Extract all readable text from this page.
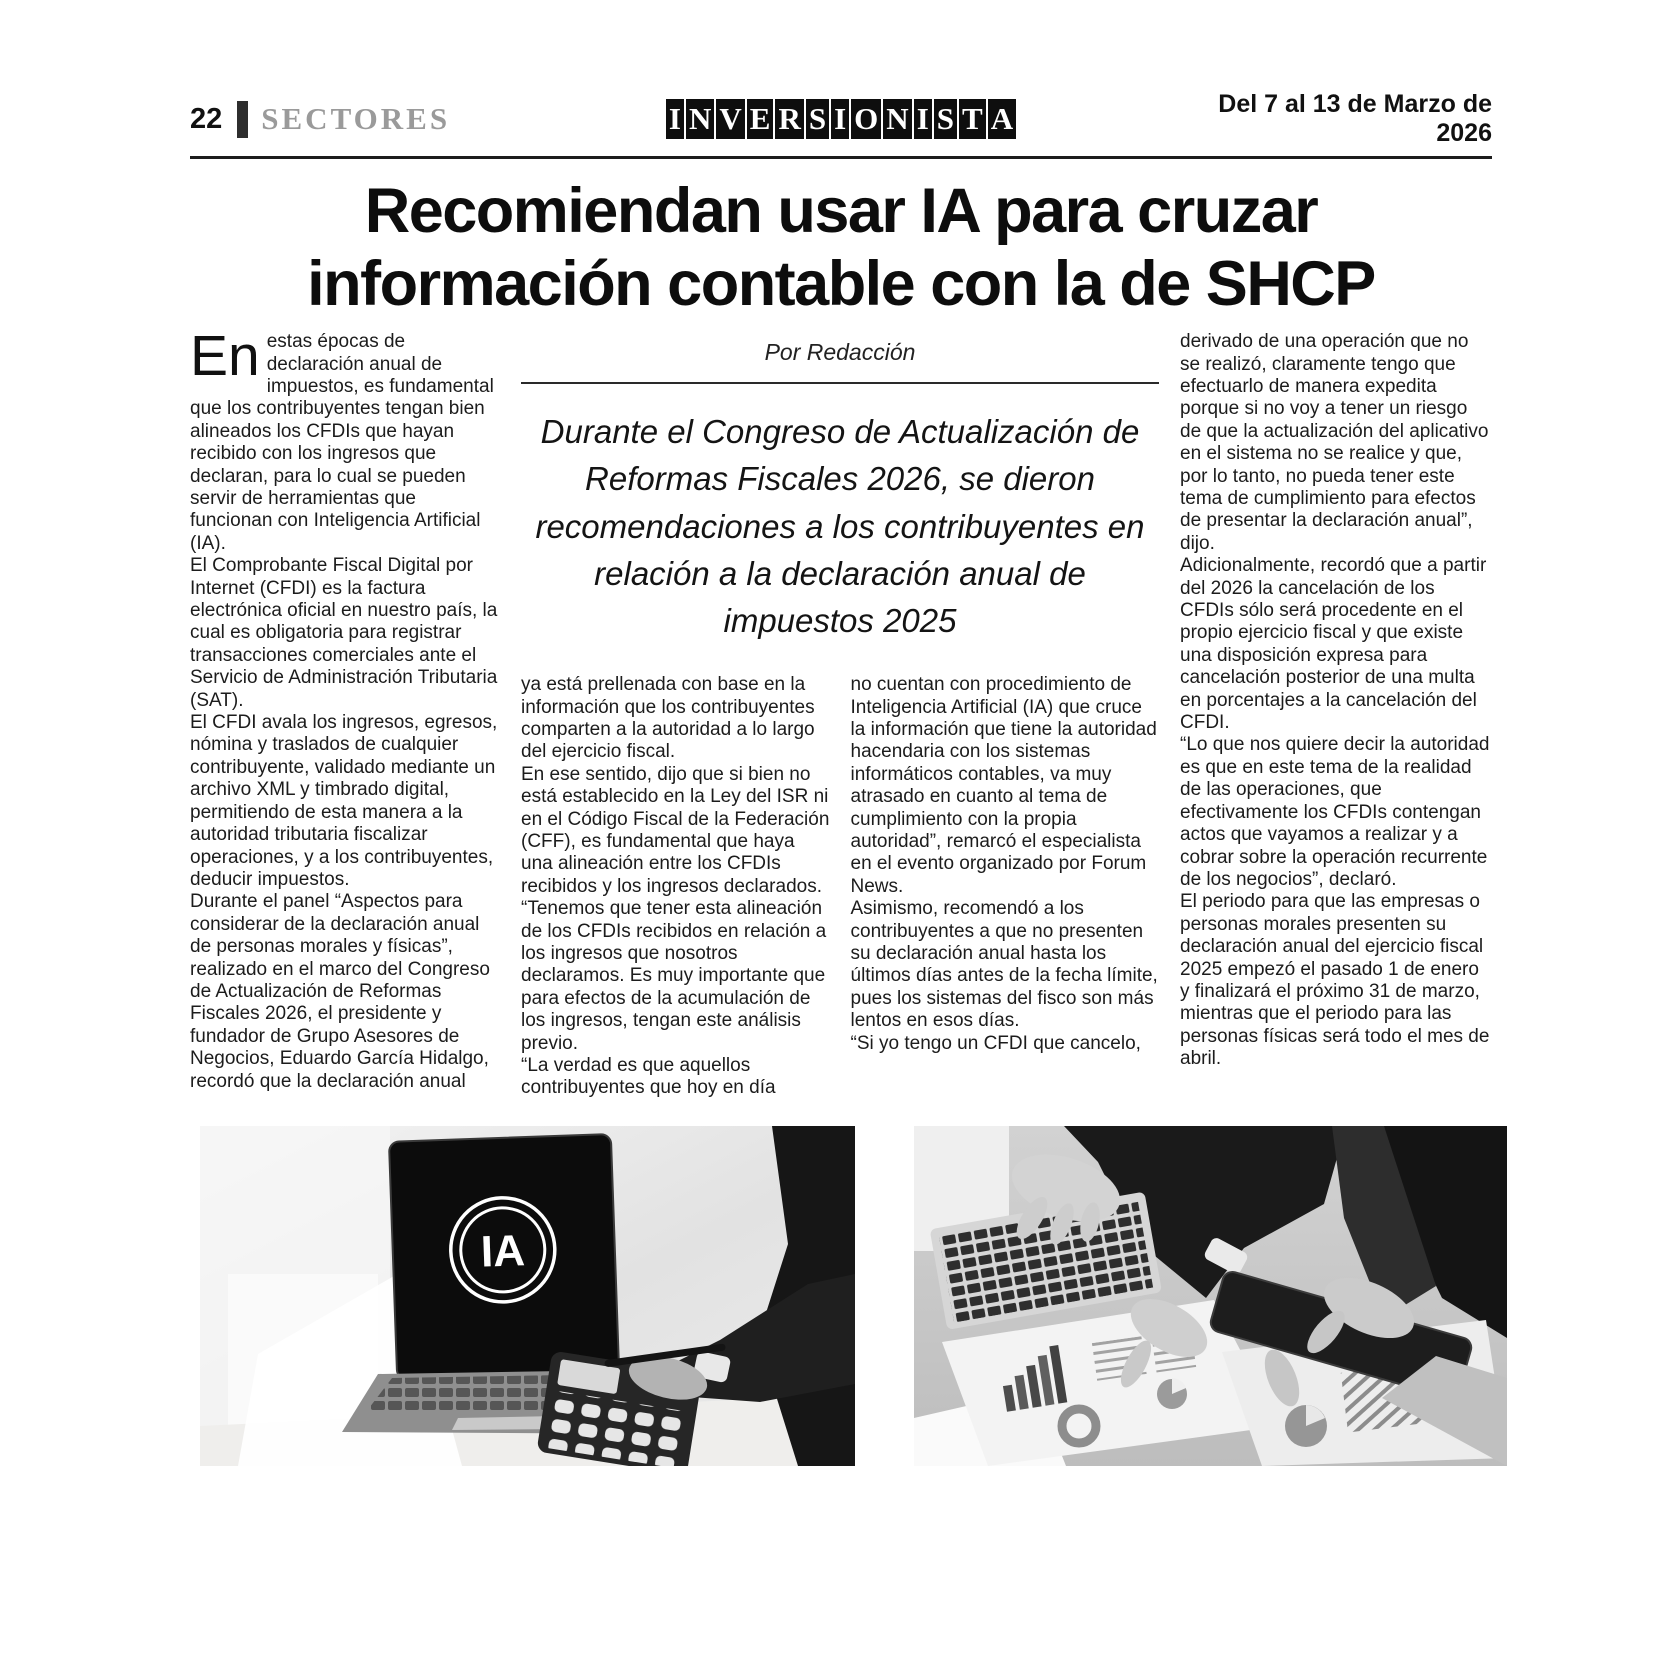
22 SECTORES	I N V E R S I O N I S T A	Del 7 al 13 de Marzo de 2026
Recomiendan usar IA para cruzar
información contable con la de SHCP

En estas épocas de declaración anual de impuestos, es fundamental que los contribuyentes tengan bien alineados los CFDIs que hayan recibido con los ingresos que declaran, para lo cual se pueden servir de herramientas que funcionan con Inteligencia Artificial (IA).

El Comprobante Fiscal Digital por Internet (CFDI) es la factura electrónica oficial en nuestro país, la cual es obligatoria para registrar transacciones comerciales ante el Servicio de Administración Tributaria (SAT).

El CFDI avala los ingresos, egresos, nómina y traslados de cualquier contribuyente, validado mediante un archivo XML y timbrado digital, permitiendo de esta manera a la autoridad tributaria fiscalizar operaciones, y a los contribuyentes, deducir impuestos.

Durante el panel “Aspectos para considerar de la declaración anual de personas morales y físicas”, realizado en el marco del Congreso de Actualización de Reformas Fiscales 2026, el presidente y fundador de Grupo Asesores de Negocios, Eduardo García Hidalgo, recordó que la declaración anual

Por Redacción
Durante el Congreso de Actualización de Reformas Fiscales 2026, se dieron recomendaciones a los contribuyentes en relación a la declaración anual de impuestos 2025

ya está prellenada con base en la información que los contribuyentes comparten a la autoridad a lo largo del ejercicio fiscal.

En ese sentido, dijo que si bien no está establecido en la Ley del ISR ni en el Código Fiscal de la Federación (CFF), es fundamental que haya una alineación entre los CFDIs recibidos y los ingresos declarados.

“Tenemos que tener esta alineación de los CFDIs recibidos en relación a los ingresos que nosotros declaramos. Es muy importante que para efectos de la acumulación de los ingresos, tengan este análisis previo.

“La verdad es que aquellos contribuyentes que hoy en día

no cuentan con procedimiento de Inteligencia Artificial (IA) que cruce la información que tiene la autoridad hacendaria con los sistemas informáticos contables, va muy atrasado en cuanto al tema de cumplimiento con la propia autoridad”, remarcó el especialista en el evento organizado por Forum News.

Asimismo, recomendó a los contribuyentes a que no presenten su declaración anual hasta los últimos días antes de la fecha límite, pues los sistemas del fisco son más lentos en esos días.

“Si yo tengo un CFDI que cancelo,

derivado de una operación que no se realizó, claramente tengo que efectuarlo de manera expedita porque si no voy a tener un riesgo de que la actualización del aplicativo en el sistema no se realice y que, por lo tanto, no pueda tener este tema de cumplimiento para efectos de presentar la declaración anual”, dijo.

Adicionalmente, recordó que a partir del 2026 la cancelación de los CFDIs sólo será procedente en el propio ejercicio fiscal y que existe una disposición expresa para cancelación posterior de una multa en porcentajes a la cancelación del CFDI.

“Lo que nos quiere decir la autoridad es que en este tema de la realidad de las operaciones, que efectivamente los CFDIs contengan actos que vayamos a realizar y a cobrar sobre la operación recurrente de los negocios”, declaró.

El periodo para que las empresas o personas morales presenten su declaración anual del ejercicio fiscal 2025 empezó el pasado 1 de enero y finalizará el próximo 31 de marzo, mientras que el periodo para las personas físicas será todo el mes de abril.

IA
